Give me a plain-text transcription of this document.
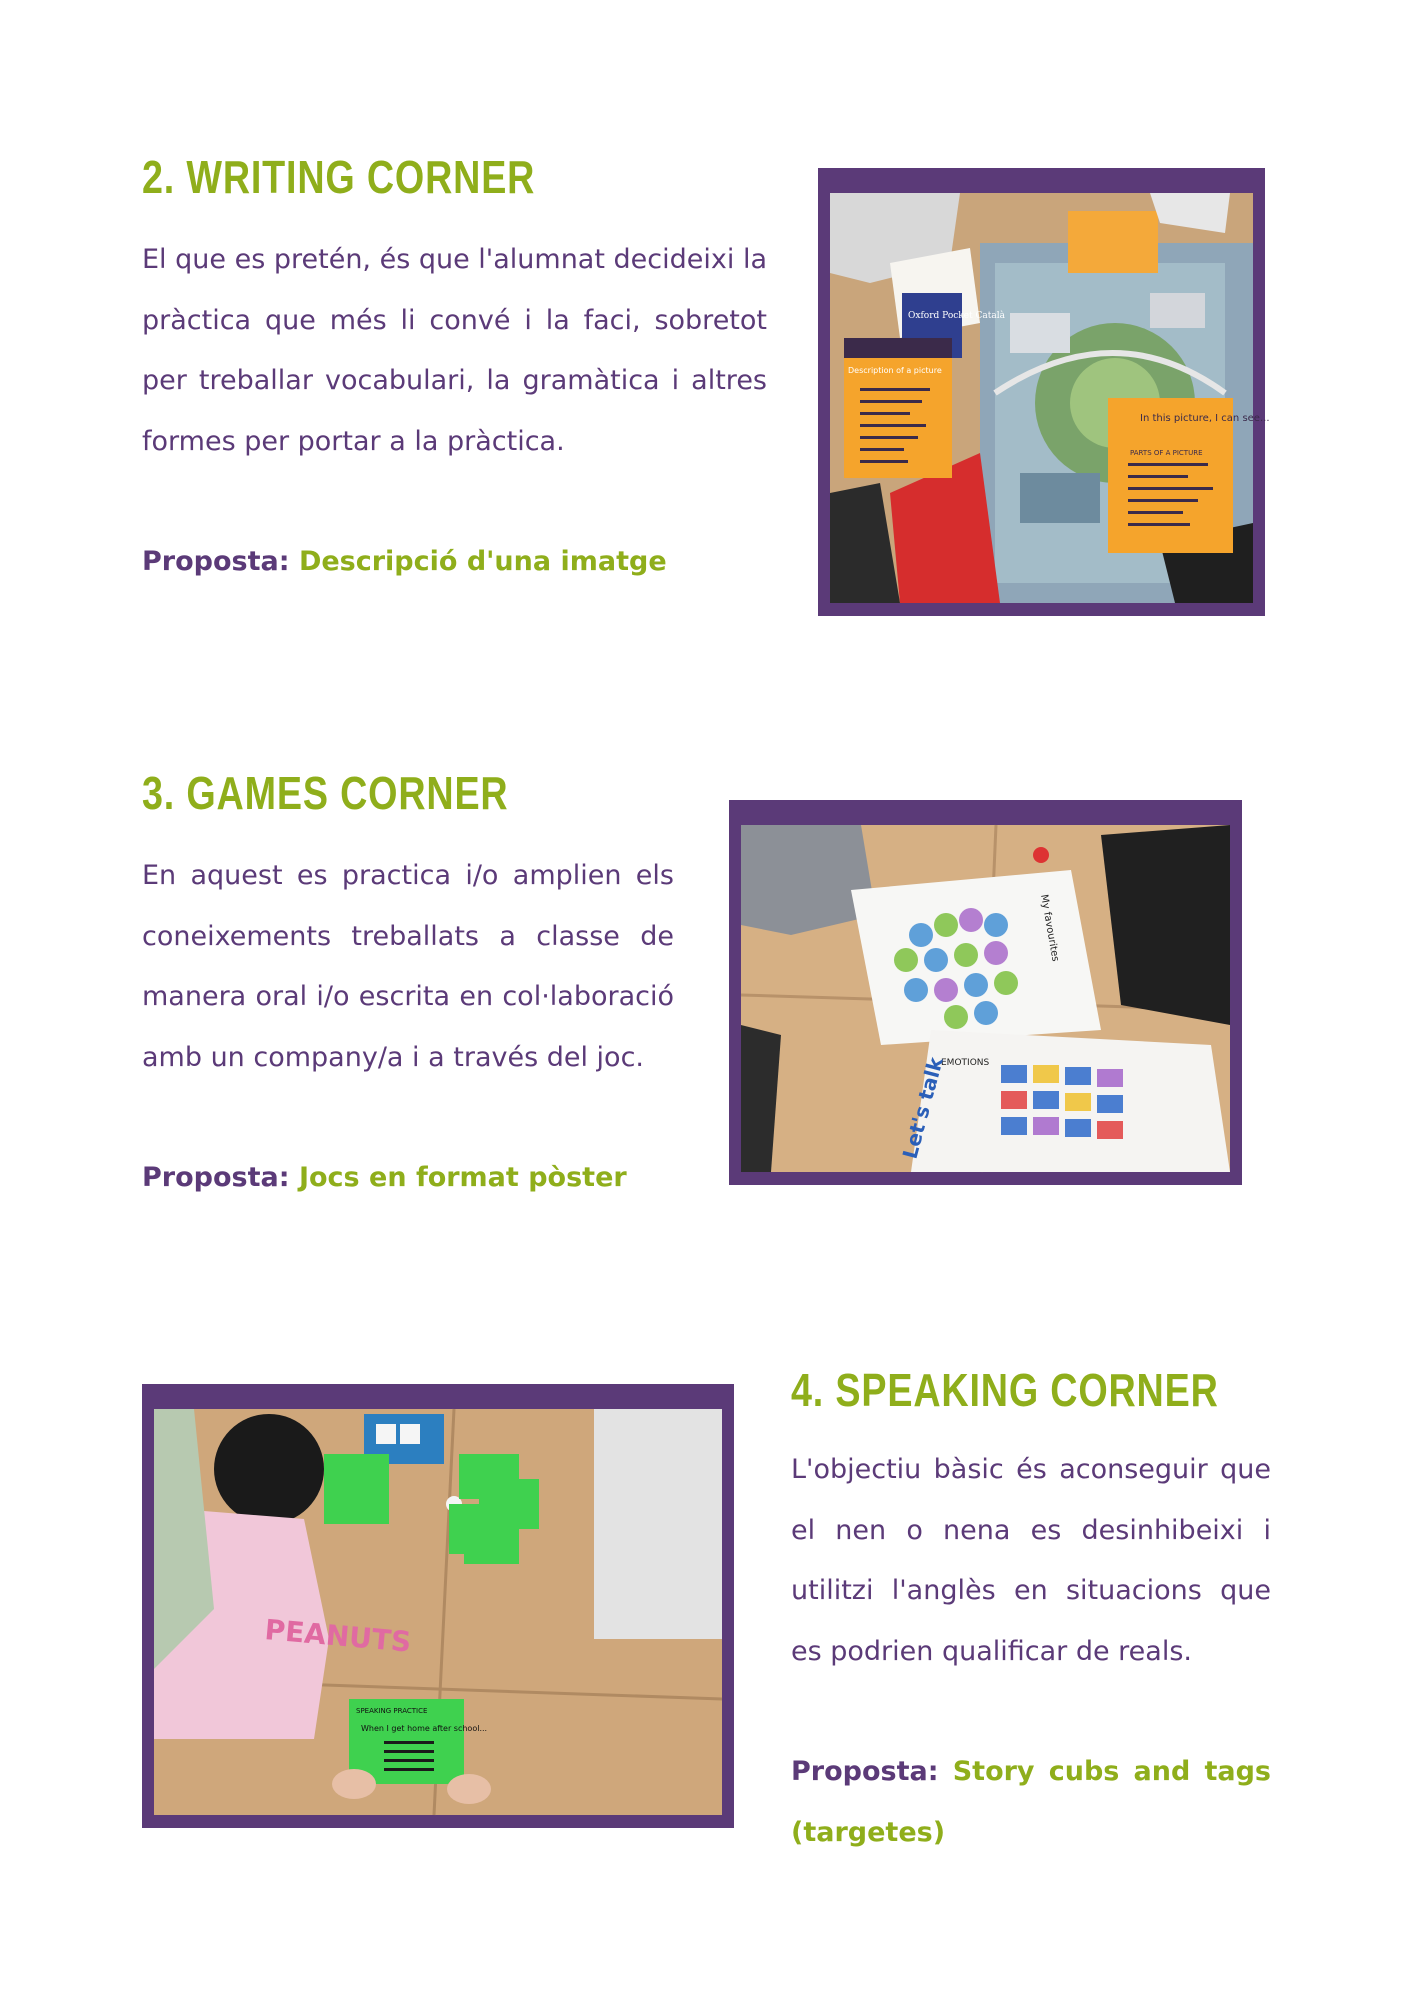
2. WRITING CORNER

El que es pretén, és que l'alumnat decideixi la pràctica que més li convé i la faci, sobretot per treballar vocabulari, la gramàtica i altres formes per portar a la pràctica.

Proposta: Descripció d'una imatge

Oxford Pocket Català
Description of a picture
In this picture, I can see...
PARTS OF A PICTURE
3. GAMES CORNER

En aquest es practica i/o amplien els coneixements treballats a classe de manera oral i/o escrita en col·laboració amb un company/a i a través del joc.

Proposta: Jocs en format pòster

My favourites
EMOTIONS
Let's talk
PEANUTS
SPEAKING PRACTICE
When I get home after school...
4. SPEAKING CORNER

L'objectiu bàsic és aconseguir que el nen o nena es desinhibeixi i utilitzi l'anglès en situacions que es podrien qualificar de reals.

Proposta: Story cubs and tags (targetes)
